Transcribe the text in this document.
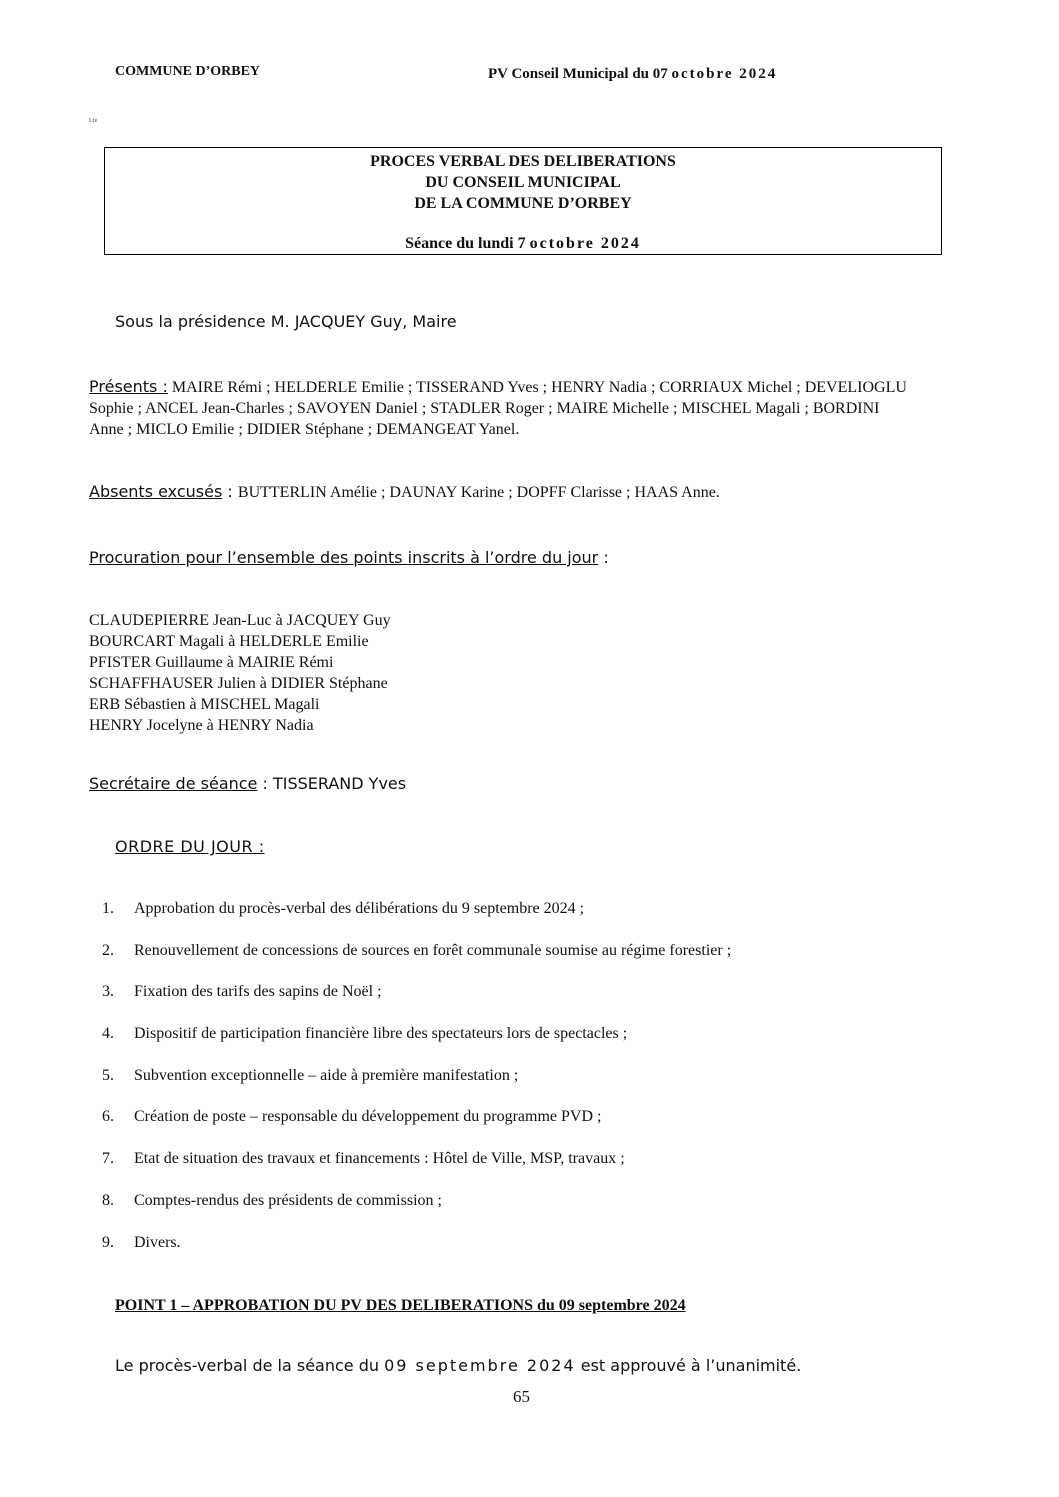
COMMUNE D’ORBEY	PV Conseil Municipal du 07 octobre 2024
Lfe
PROCES VERBAL DES DELIBERATIONS
DU CONSEIL MUNICIPAL
DE LA COMMUNE D’ORBEY
Séance du lundi 7 octobre 2024
Sous la présidence M. JACQUEY Guy, Maire
Présents : MAIRE Rémi ; HELDERLE Emilie ; TISSERAND Yves ; HENRY Nadia ; CORRIAUX Michel ; DEVELIOGLU
Sophie ; ANCEL Jean-Charles ; SAVOYEN Daniel ; STADLER Roger ; MAIRE Michelle ; MISCHEL Magali ; BORDINI
Anne ; MICLO Emilie ; DIDIER Stéphane ; DEMANGEAT Yanel.
Absents excusés : BUTTERLIN Amélie ; DAUNAY Karine ; DOPFF Clarisse ; HAAS Anne.
Procuration pour l’ensemble des points inscrits à l’ordre du jour :
CLAUDEPIERRE Jean-Luc à JACQUEY Guy
BOURCART Magali à HELDERLE Emilie
PFISTER Guillaume à MAIRIE Rémi
SCHAFFHAUSER Julien à DIDIER Stéphane
ERB Sébastien à MISCHEL Magali
HENRY Jocelyne à HENRY Nadia
Secrétaire de séance : TISSERAND Yves
ORDRE DU JOUR :
1. Approbation du procès-verbal des délibérations du 9 septembre 2024 ;
2. Renouvellement de concessions de sources en forêt communale soumise au régime forestier ;
3. Fixation des tarifs des sapins de Noël ;
4. Dispositif de participation financière libre des spectateurs lors de spectacles ;
5. Subvention exceptionnelle – aide à première manifestation ;
6. Création de poste – responsable du développement du programme PVD ;
7. Etat de situation des travaux et financements : Hôtel de Ville, MSP, travaux ;
8. Comptes-rendus des présidents de commission ;
9. Divers.
POINT 1 – APPROBATION DU PV DES DELIBERATIONS du 09 septembre 2024
Le procès-verbal de la séance du 09 septembre 2024 est approuvé à l’unanimité.
65
